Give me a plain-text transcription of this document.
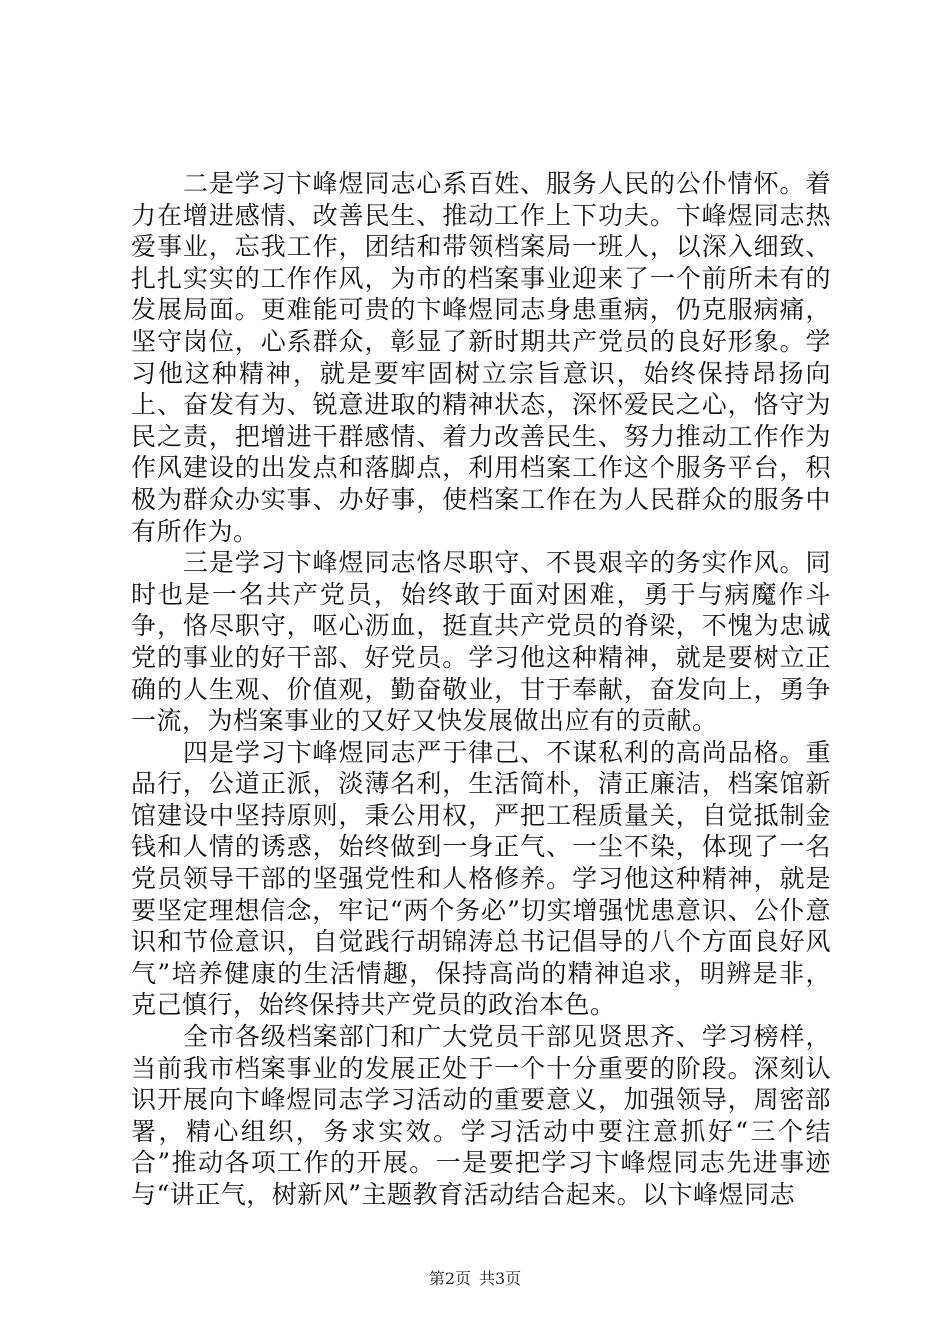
二是学习卞峰煜同志心系百姓、服务人民的公仆情怀。着力在增进感情、改善民生、推动工作上下功夫。卞峰煜同志热爱事业，忘我工作，团结和带领档案局一班人，以深入细致、扎扎实实的工作作风，为市的档案事业迎来了一个前所未有的发展局面。更难能可贵的卞峰煜同志身患重病，仍克服病痛，坚守岗位，心系群众，彰显了新时期共产党员的良好形象。学习他这种精神，就是要牢固树立宗旨意识，始终保持昂扬向上、奋发有为、锐意进取的精神状态，深怀爱民之心，恪守为民之责，把增进干群感情、着力改善民生、努力推动工作作为作风建设的出发点和落脚点，利用档案工作这个服务平台，积极为群众办实事、办好事，使档案工作在为人民群众的服务中有所作为。

三是学习卞峰煜同志恪尽职守、不畏艰辛的务实作风。同时也是一名共产党员，始终敢于面对困难，勇于与病魔作斗争，恪尽职守，呕心沥血，挺直共产党员的脊梁，不愧为忠诚党的事业的好干部、好党员。学习他这种精神，就是要树立正确的人生观、价值观，勤奋敬业，甘于奉献，奋发向上，勇争一流，为档案事业的又好又快发展做出应有的贡献。

四是学习卞峰煜同志严于律己、不谋私利的高尚品格。重品行，公道正派，淡薄名利，生活简朴，清正廉洁，档案馆新馆建设中坚持原则，秉公用权，严把工程质量关，自觉抵制金钱和人情的诱惑，始终做到一身正气、一尘不染，体现了一名党员领导干部的坚强党性和人格修养。学习他这种精神，就是要坚定理想信念，牢记“两个务必”切实增强忧患意识、公仆意识和节俭意识，自觉践行胡锦涛总书记倡导的八个方面良好风气”培养健康的生活情趣，保持高尚的精神追求，明辨是非，克己慎行，始终保持共产党员的政治本色。

全市各级档案部门和广大党员干部见贤思齐、学习榜样，当前我市档案事业的发展正处于一个十分重要的阶段。深刻认识开展向卞峰煜同志学习活动的重要意义，加强领导，周密部署，精心组织，务求实效。学习活动中要注意抓好“三个结合”推动各项工作的开展。一是要把学习卞峰煜同志先进事迹与“讲正气，树新风”主题教育活动结合起来。以卞峰煜同志

第2页 共3页
